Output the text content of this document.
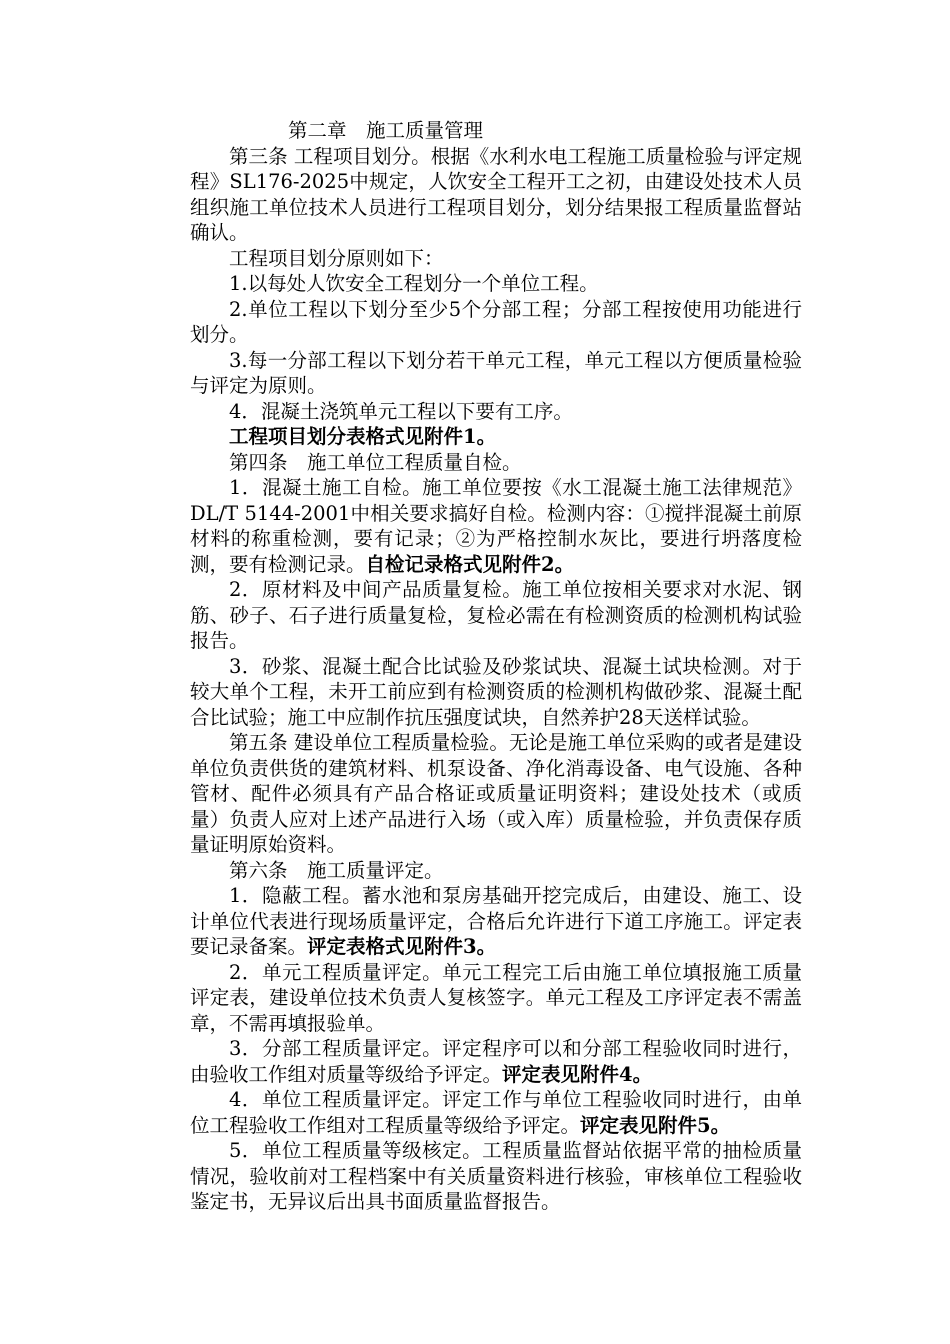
第二章　施工质量管理

第三条 工程项目划分。根据《水利水电工程施工质量检验与评定规程》SL176-2025中规定，人饮安全工程开工之初，由建设处技术人员组织施工单位技术人员进行工程项目划分，划分结果报工程质量监督站确认。

工程项目划分原则如下：

1.以每处人饮安全工程划分一个单位工程。

2.单位工程以下划分至少5个分部工程；分部工程按使用功能进行划分。

3.每一分部工程以下划分若干单元工程，单元工程以方便质量检验与评定为原则。

4．混凝土浇筑单元工程以下要有工序。

工程项目划分表格式见附件1。

第四条　施工单位工程质量自检。

1．混凝土施工自检。施工单位要按《水工混凝土施工法律规范》DL/T 5144-2001中相关要求搞好自检。检测内容：①搅拌混凝土前原材料的称重检测，要有记录；②为严格控制水灰比，要进行坍落度检测，要有检测记录。自检记录格式见附件2。

2．原材料及中间产品质量复检。施工单位按相关要求对水泥、钢筋、砂子、石子进行质量复检，复检必需在有检测资质的检测机构试验报告。

3．砂浆、混凝土配合比试验及砂浆试块、混凝土试块检测。对于较大单个工程，未开工前应到有检测资质的检测机构做砂浆、混凝土配合比试验；施工中应制作抗压强度试块，自然养护28天送样试验。

第五条 建设单位工程质量检验。无论是施工单位采购的或者是建设单位负责供货的建筑材料、机泵设备、净化消毒设备、电气设施、各种管材、配件必须具有产品合格证或质量证明资料；建设处技术（或质量）负责人应对上述产品进行入场（或入库）质量检验，并负责保存质量证明原始资料。

第六条　施工质量评定。

1．隐蔽工程。蓄水池和泵房基础开挖完成后，由建设、施工、设计单位代表进行现场质量评定，合格后允许进行下道工序施工。评定表要记录备案。评定表格式见附件3。

2．单元工程质量评定。单元工程完工后由施工单位填报施工质量评定表，建设单位技术负责人复核签字。单元工程及工序评定表不需盖章，不需再填报验单。

3．分部工程质量评定。评定程序可以和分部工程验收同时进行，由验收工作组对质量等级给予评定。评定表见附件4。

4．单位工程质量评定。评定工作与单位工程验收同时进行，由单位工程验收工作组对工程质量等级给予评定。评定表见附件5。

5．单位工程质量等级核定。工程质量监督站依据平常的抽检质量情况，验收前对工程档案中有关质量资料进行核验，审核单位工程验收鉴定书，无异议后出具书面质量监督报告。
